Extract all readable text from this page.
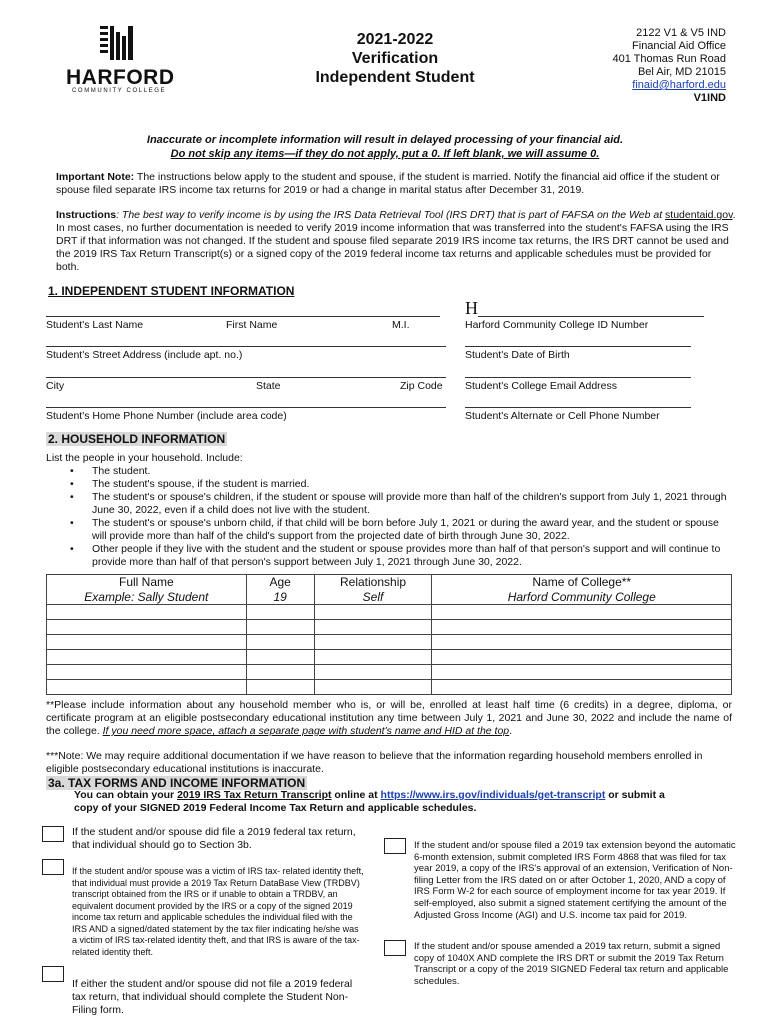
HARFORD
COMMUNITY COLLEGE
2021-2022
Verification
Independent Student
2122 V1 & V5 IND
Financial Aid Office
401 Thomas Run Road
Bel Air, MD 21015
finaid@harford.edu
V1IND
Inaccurate or incomplete information will result in delayed processing of your financial aid.
Do not skip any items—if they do not apply, put a 0. If left blank, we will assume 0.
Important Note: The instructions below apply to the student and spouse, if the student is married. Notify the financial aid office if the student or spouse filed separate IRS income tax returns for 2019 or had a change in marital status after December 31, 2019.
Instructions: The best way to verify income is by using the IRS Data Retrieval Tool (IRS DRT) that is part of FAFSA on the Web at studentaid.gov. In most cases, no further documentation is needed to verify 2019 income information that was transferred into the student's FAFSA using the IRS DRT if that information was not changed. If the student and spouse filed separate 2019 IRS income tax returns, the IRS DRT cannot be used and the 2019 IRS Tax Return Transcript(s) or a signed copy of the 2019 federal income tax returns and applicable schedules must be provided for both.
1. INDEPENDENT STUDENT INFORMATION
Student's Last Name	First Name	M.I.
H
Harford Community College ID Number
Student's Street Address (include apt. no.)	Student's Date of Birth
City	State	Zip Code Student's College Email Address
Student's Home Phone Number (include area code)	Student's Alternate or Cell Phone Number
2. HOUSEHOLD INFORMATION
List the people in your household. Include:
• The student.
• The student's spouse, if the student is married.
• The student's or spouse's children, if the student or spouse will provide more than half of the children's support from July 1, 2021 through June 30, 2022, even if a child does not live with the student.
• The student's or spouse's unborn child, if that child will be born before July 1, 2021 or during the award year, and the student or spouse will provide more than half of the child's support from the projected date of birth through June 30, 2022.
• Other people if they live with the student and the student or spouse provides more than half of that person's support and will continue to provide more than half of that person's support between July 1, 2021 through June 30, 2022.
Full Name	Age	Relationship	Name of College**
Example: Sally Student	19	Self	Harford Community College

**Please include information about any household member who is, or will be, enrolled at least half time (6 credits) in a degree, diploma, or certificate program at an eligible postsecondary educational institution any time between July 1, 2021 and June 30, 2022 and include the name of the college. If you need more space, attach a separate page with student's name and HID at the top.
***Note: We may require additional documentation if we have reason to believe that the information regarding household members enrolled in eligible postsecondary educational institutions is inaccurate.
3a. TAX FORMS AND INCOME INFORMATION
You can obtain your 2019 IRS Tax Return Transcript online at https://www.irs.gov/individuals/get-transcript or submit a copy of your SIGNED 2019 Federal Income Tax Return and applicable schedules.
If the student and/or spouse did file a 2019 federal tax return, that individual should go to Section 3b.
If the student and/or spouse was a victim of IRS tax- related identity theft, that individual must provide a 2019 Tax Return DataBase View (TRDBV) transcript obtained from the IRS or if unable to obtain a TRDBV, an equivalent document provided by the IRS or a copy of the signed 2019 income tax return and applicable schedules the individual filed with the IRS AND a signed/dated statement by the tax filer indicating he/she was a victim of IRS tax-related identity theft, and that IRS is aware of the tax-related identity theft.
If either the student and/or spouse did not file a 2019 federal tax return, that individual should complete the Student Non-Filing form.
If the student and/or spouse filed a 2019 tax extension beyond the automatic 6-month extension, submit completed IRS Form 4868 that was filed for tax year 2019, a copy of the IRS's approval of an extension, Verification of Non-filing Letter from the IRS dated on or after October 1, 2020, AND a copy of IRS Form W-2 for each source of employment income for tax year 2019. If self-employed, also submit a signed statement certifying the amount of the Adjusted Gross Income (AGI) and U.S. income tax paid for 2019.
If the student and/or spouse amended a 2019 tax return, submit a signed copy of 1040X AND complete the IRS DRT or submit the 2019 Tax Return Transcript or a copy of the 2019 SIGNED Federal tax return and applicable schedules.
